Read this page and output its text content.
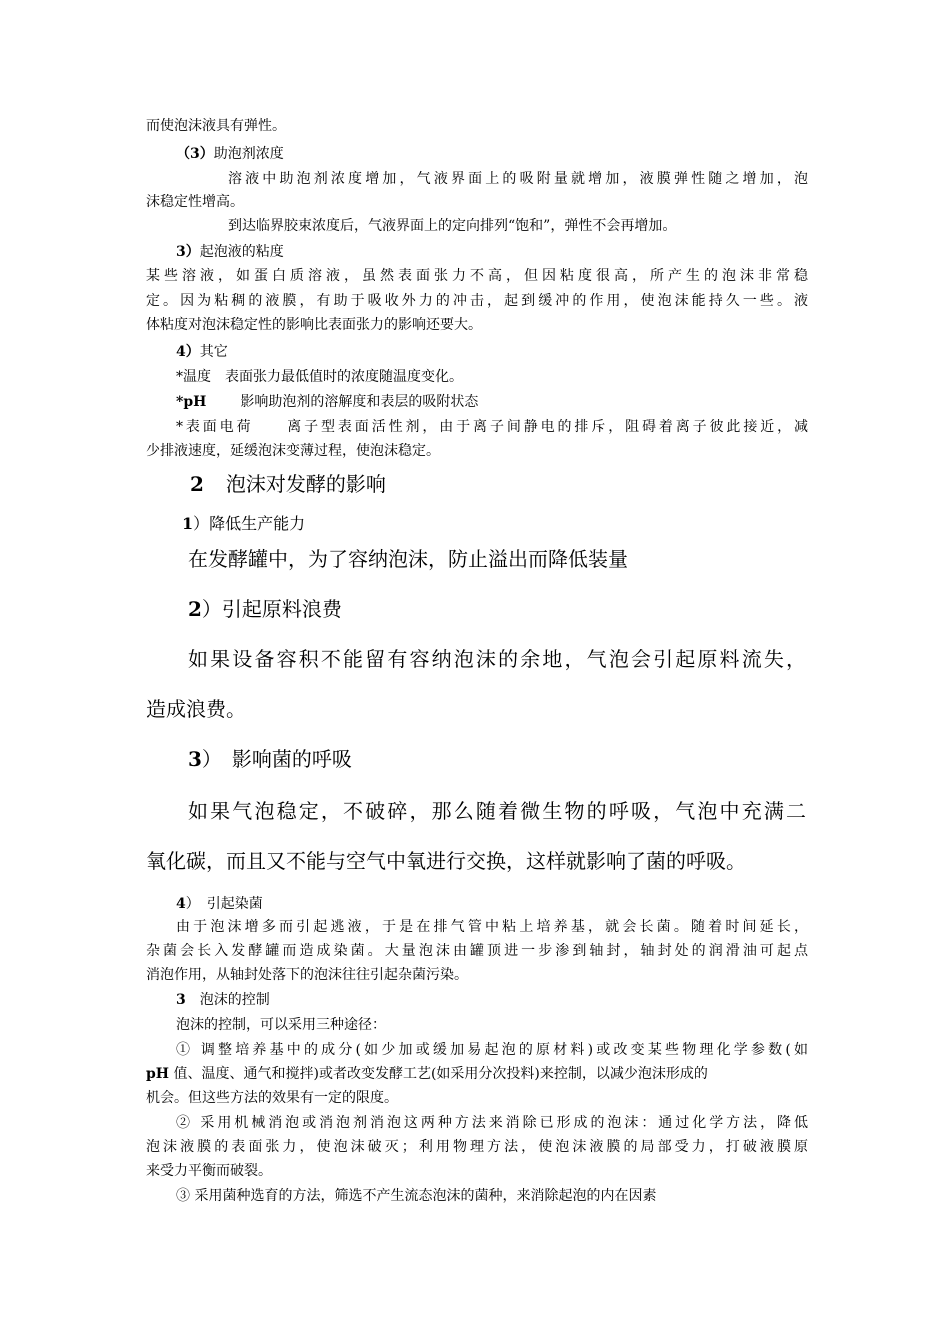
而使泡沫液具有弹性。
（3）助泡剂浓度
溶液中助泡剂浓度增加，气液界面上的吸附量就增加，液膜弹性随之增加，泡
沫稳定性增高。
到达临界胶束浓度后，气液界面上的定向排列“饱和”，弹性不会再增加。
3）起泡液的粘度
某些溶液，如蛋白质溶液，虽然表面张力不高，但因粘度很高，所产生的泡沫非常稳
定。因为粘稠的液膜，有助于吸收外力的冲击，起到缓冲的作用，使泡沫能持久一些。液
体粘度对泡沫稳定性的影响比表面张力的影响还要大。
4）其它
*温度　表面张力最低值时的浓度随温度变化。
*pH 影响助泡剂的溶解度和表层的吸附状态
*表面电荷　　离子型表面活性剂，由于离子间静电的排斥，阻碍着离子彼此接近，减
少排液速度，延缓泡沫变薄过程，使泡沫稳定。
2 泡沫对发酵的影响
1）降低生产能力
在发酵罐中，为了容纳泡沫，防止溢出而降低装量
2）引起原料浪费
如果设备容积不能留有容纳泡沫的余地，气泡会引起原料流失，
造成浪费。
3）　影响菌的呼吸
如果气泡稳定，不破碎，那么随着微生物的呼吸，气泡中充满二
氧化碳，而且又不能与空气中氧进行交换，这样就影响了菌的呼吸。
4）　引起染菌
由于泡沫增多而引起逃液，于是在排气管中粘上培养基，就会长菌。随着时间延长，
杂菌会长入发酵罐而造成染菌。大量泡沫由罐顶进一步渗到轴封，轴封处的润滑油可起点
消泡作用，从轴封处落下的泡沫往往引起杂菌污染。
3 泡沫的控制
泡沫的控制，可以采用三种途径：
① 调整培养基中的成分(如少加或缓加易起泡的原材料)或改变某些物理化学参数(如
pH 值、温度、通气和搅拌)或者改变发酵工艺(如采用分次投料)来控制，以减少泡沫形成的
机会。但这些方法的效果有一定的限度。
② 采用机械消泡或消泡剂消泡这两种方法来消除已形成的泡沫：通过化学方法，降低
泡沫液膜的表面张力，使泡沫破灭；利用物理方法，使泡沫液膜的局部受力，打破液膜原
来受力平衡而破裂。
③ 采用菌种选育的方法，筛选不产生流态泡沫的菌种，来消除起泡的内在因素
